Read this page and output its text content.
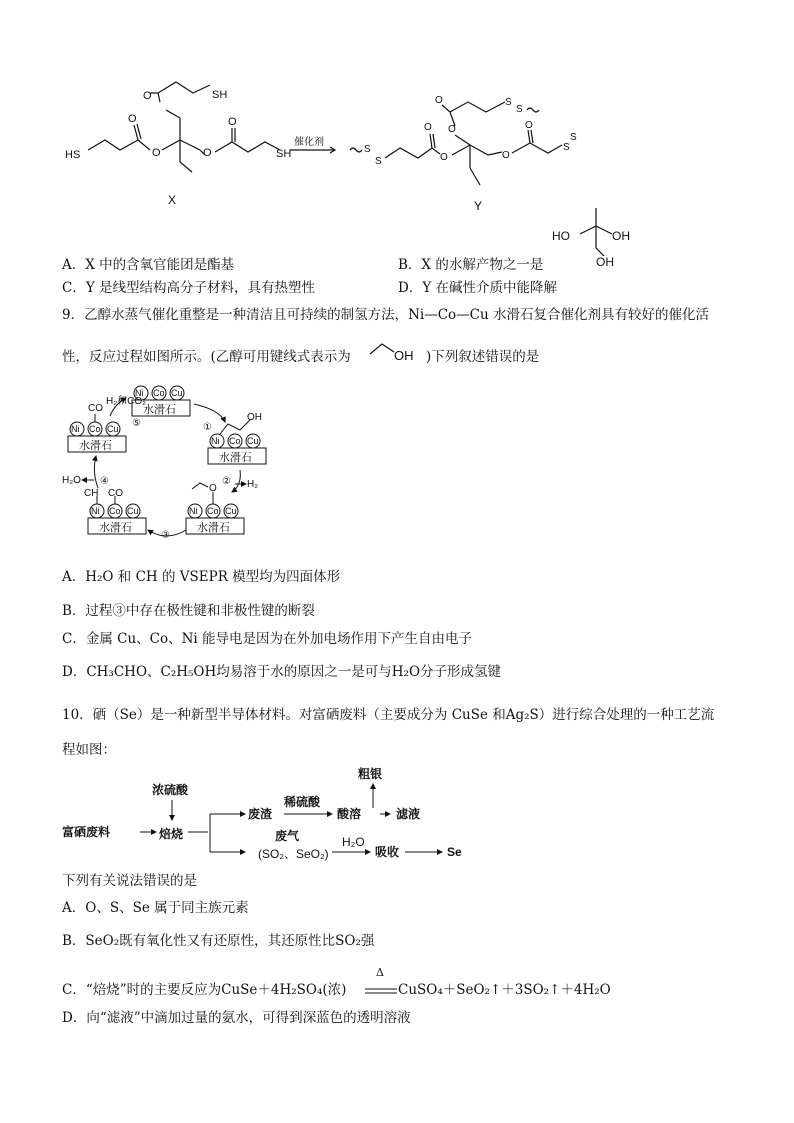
SH
O
HS
O
O	O
O
SH
催化剂
X
S
S
O
O	O
O
O
O	S
S
S
S
Y
HO	OH
OH
A．X 中的含氧官能团是酯基	B．X 的水解产物之一是
C．Y 是线型结构高分子材料，具有热塑性	D．Y 在碱性介质中能降解
9．乙醇水蒸气催化重整是一种清洁且可持续的制氢方法，Ni—Co—Cu 水滑石复合催化剂具有较好的催化活
性，反应过程如图所示。(乙醇可用键线式表示为	OH )下列叙述错误的是
Ni Co Cu
Ni Co Cu
Ni Co Cu
Ni Co Cu
Ni Co Cu
水滑石
水滑石
水滑石
水滑石
水滑石
CO
H₂和CO₂
OH
O	H₂
H₂O
CH CO
①
②
③
④
⑤
A．H₂O 和 CH 的 VSEPR 模型均为四面体形
B．过程③中存在极性键和非极性键的断裂
C．金属 Cu、Co、Ni 能导电是因为在外加电场作用下产生自由电子
D．CH₃CHO、C₂H₅OH均易溶于水的原因之一是可与H₂O分子形成氢键
10．硒（Se）是一种新型半导体材料。对富硒废料（主要成分为 CuSe 和Ag₂S）进行综合处理的一种工艺流
程如图：
浓硫酸
富硒废料	焙烧
废渣
稀硫酸
酸溶
粗银
滤液
废气
(SO₂、SeO₂)
H₂O
吸收	Se
下列有关说法错误的是
A．O、S、Se 属于同主族元素
B．SeO₂既有氧化性又有还原性，其还原性比SO₂强
C．“焙烧”时的主要反应为CuSe＋4H₂SO₄(浓)
Δ
CuSO₄＋SeO₂↑＋3SO₂↑＋4H₂O
D．向“滤液”中滴加过量的氨水，可得到深蓝色的透明溶液
